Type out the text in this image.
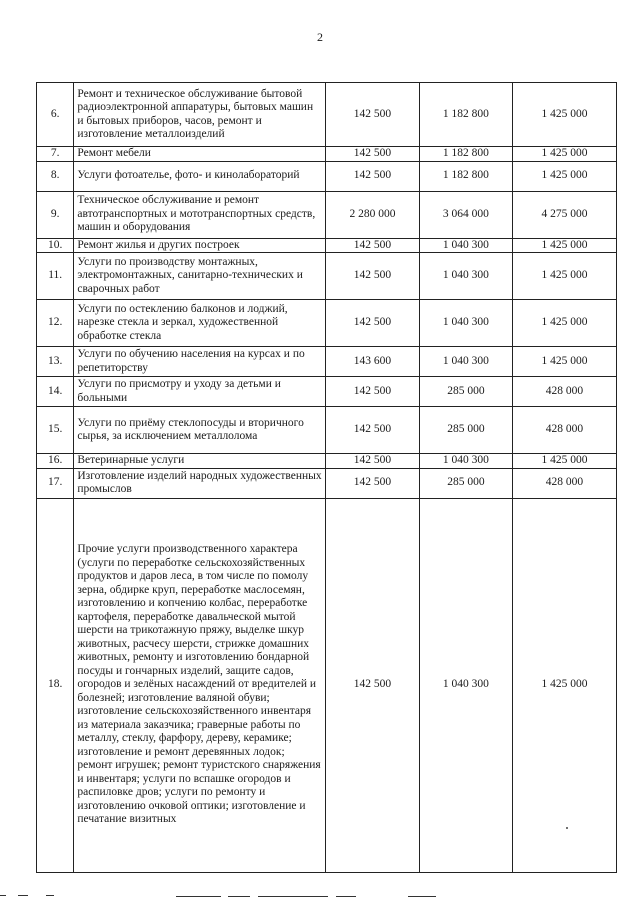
2
6.	Ремонт и техническое обслуживание бытовой радиоэлектронной аппаратуры, бытовых машин и бытовых приборов, часов, ремонт и изготовление металлоизделий	142 500	1 182 800	1 425 000
7.	Ремонт мебели	142 500	1 182 800	1 425 000
8.	Услуги фотоателье, фото- и кинолабораторий	142 500	1 182 800	1 425 000
9.	Техническое обслуживание и ремонт автотранспортных и мототранспортных средств, машин и оборудования	2 280 000	3 064 000	4 275 000
10.	Ремонт жилья и других построек	142 500	1 040 300	1 425 000
11.	Услуги по производству монтажных, электромонтажных, санитарно-технических и сварочных работ	142 500	1 040 300	1 425 000
12.	Услуги по остеклению балконов и лоджий, нарезке стекла и зеркал, художественной обработке стекла	142 500	1 040 300	1 425 000
13.	Услуги по обучению населения на курсах и по репетиторству	143 600	1 040 300	1 425 000
14.	Услуги по присмотру и уходу за детьми и больными	142 500	285 000	428 000
15.	Услуги по приёму стеклопосуды и вторичного сырья, за исключением металлолома	142 500	285 000	428 000
16.	Ветеринарные услуги	142 500	1 040 300	1 425 000
17.	Изготовление изделий народных художественных промыслов	142 500	285 000	428 000
18.	Прочие услуги производственного характера (услуги по переработке сельскохозяйственных продуктов и даров леса, в том числе по помолу зерна, обдирке круп, переработке маслосемян, изготовлению и копчению колбас, переработке картофеля, переработке давальческой мытой шерсти на трикотажную пряжу, выделке шкур животных, расчесу шерсти, стрижке домашних животных, ремонту и изготовлению бондарной посуды и гончарных изделий, защите садов, огородов и зелёных насаждений от вредителей и болезней; изготовление валяной обуви; изготовление сельскохозяйственного инвентаря из материала заказчика; граверные работы по металлу, стеклу, фарфору, дереву, керамике; изготовление и ремонт деревянных лодок; ремонт игрушек; ремонт туристского снаряжения и инвентаря; услуги по вспашке огородов и распиловке дров; услуги по ремонту и изготовлению очковой оптики; изготовление и печатание визитных	142 500	1 040 300	1 425 000
